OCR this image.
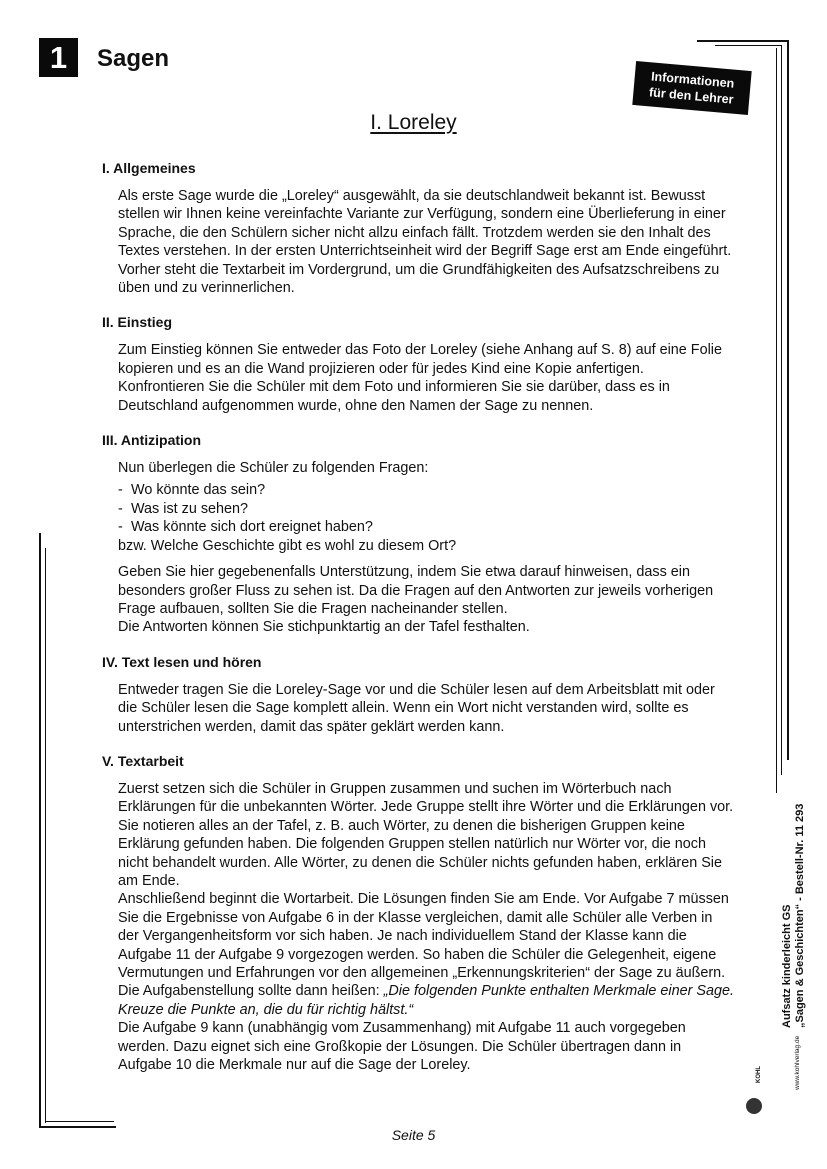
1	Sagen
Informationen
für den Lehrer
I. Loreley
I. Allgemeines

Als erste Sage wurde die „Loreley“ ausgewählt, da sie deutschlandweit bekannt ist. Bewusst stellen wir Ihnen keine vereinfachte Variante zur Verfügung, sondern eine Überlieferung in einer Sprache, die den Schülern sicher nicht allzu einfach fällt. Trotzdem werden sie den Inhalt des Textes verstehen. In der ersten Unterrichtseinheit wird der Begriff Sage erst am Ende eingeführt. Vorher steht die Textarbeit im Vordergrund, um die Grundfähigkeiten des Aufsatzschreibens zu üben und zu verinnerlichen.

II. Einstieg

Zum Einstieg können Sie entweder das Foto der Loreley (siehe Anhang auf S. 8) auf eine Folie kopieren und es an die Wand projizieren oder für jedes Kind eine Kopie anfertigen. Konfrontieren Sie die Schüler mit dem Foto und informieren Sie sie darüber, dass es in Deutschland aufgenommen wurde, ohne den Namen der Sage zu nennen.

III. Antizipation

Nun überlegen die Schüler zu folgenden Fragen:

- Wo könnte das sein?
- Was ist zu sehen?
- Was könnte sich dort ereignet haben?
bzw. Welche Geschichte gibt es wohl zu diesem Ort?

Geben Sie hier gegebenenfalls Unterstützung, indem Sie etwa darauf hinweisen, dass ein besonders großer Fluss zu sehen ist. Da die Fragen auf den Antworten zur jeweils vorherigen Frage aufbauen, sollten Sie die Fragen nacheinander stellen.

Die Antworten können Sie stichpunktartig an der Tafel festhalten.

IV. Text lesen und hören

Entweder tragen Sie die Loreley-Sage vor und die Schüler lesen auf dem Arbeitsblatt mit oder die Schüler lesen die Sage komplett allein. Wenn ein Wort nicht verstanden wird, sollte es unterstrichen werden, damit das später geklärt werden kann.

V. Textarbeit

Zuerst setzen sich die Schüler in Gruppen zusammen und suchen im Wörterbuch nach Erklärungen für die unbekannten Wörter. Jede Gruppe stellt ihre Wörter und die Erklärungen vor. Sie notieren alles an der Tafel, z. B. auch Wörter, zu denen die bisherigen Gruppen keine Erklärung gefunden haben. Die folgenden Gruppen stellen natürlich nur Wörter vor, die noch nicht behandelt wurden. Alle Wörter, zu denen die Schüler nichts gefunden haben, erklären Sie am Ende.

Anschließend beginnt die Wortarbeit. Die Lösungen finden Sie am Ende. Vor Aufgabe 7 müssen Sie die Ergebnisse von Aufgabe 6 in der Klasse vergleichen, damit alle Schüler alle Verben in der Vergangenheitsform vor sich haben. Je nach individuellem Stand der Klasse kann die Aufgabe 11 der Aufgabe 9 vorgezogen werden. So haben die Schüler die Gelegenheit, eigene Vermutungen und Erfahrungen vor den allgemeinen „Erkennungskriterien“ der Sage zu äußern. Die Aufgabenstellung sollte dann heißen: „Die folgenden Punkte enthalten Merkmale einer Sage. Kreuze die Punkte an, die du für richtig hältst.“

Die Aufgabe 9 kann (unabhängig vom Zusammenhang) mit Aufgabe 11 auch vorgegeben werden. Dazu eignet sich eine Großkopie der Lösungen. Die Schüler übertragen dann in Aufgabe 10 die Merkmale nur auf die Sage der Loreley.

Aufsatz kinderleicht GS „Sagen & Geschichten“ - Bestell-Nr. 11 293
www.kohlverlag.de
KOHL
Seite 5
